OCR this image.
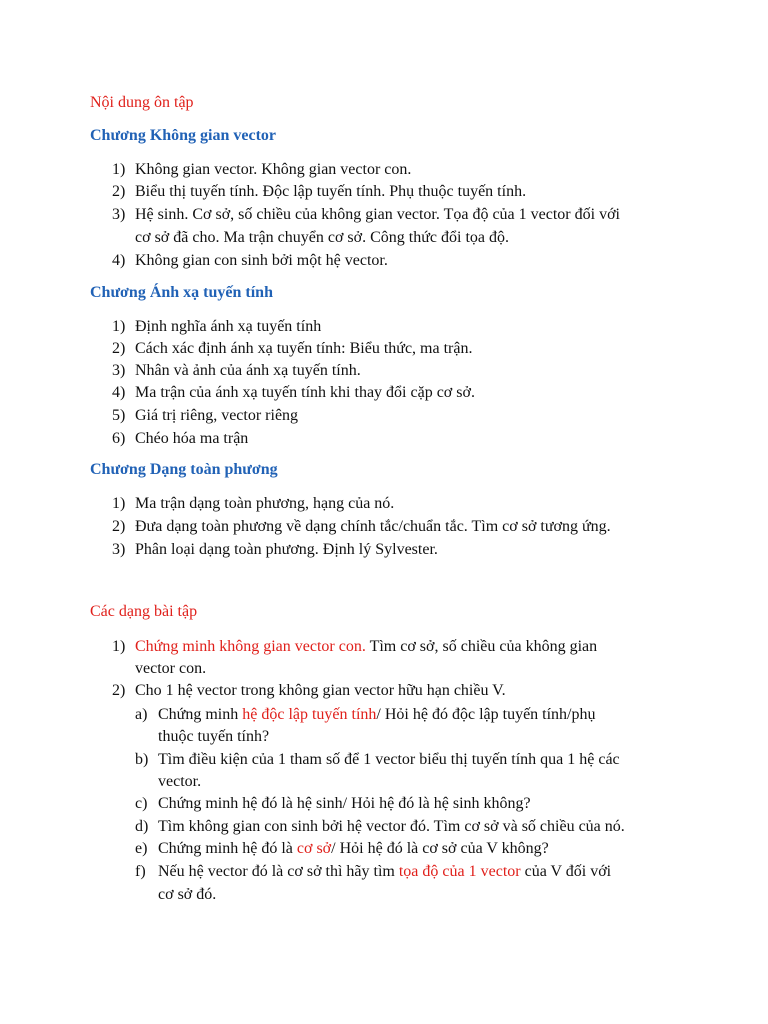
Nội dung ôn tập
Chương Không gian vector
1) Không gian vector. Không gian vector con.
2) Biểu thị tuyến tính. Độc lập tuyến tính. Phụ thuộc tuyến tính.
3) Hệ sinh. Cơ sở, số chiều của không gian vector. Tọa độ của 1 vector đối với
cơ sở đã cho. Ma trận chuyển cơ sở. Công thức đổi tọa độ.
4) Không gian con sinh bởi một hệ vector.
Chương Ánh xạ tuyến tính
1) Định nghĩa ánh xạ tuyến tính
2) Cách xác định ánh xạ tuyến tính: Biểu thức, ma trận.
3) Nhân và ảnh của ánh xạ tuyến tính.
4) Ma trận của ánh xạ tuyến tính khi thay đổi cặp cơ sở.
5) Giá trị riêng, vector riêng
6) Chéo hóa ma trận
Chương Dạng toàn phương
1) Ma trận dạng toàn phương, hạng của nó.
2) Đưa dạng toàn phương về dạng chính tắc/chuẩn tắc. Tìm cơ sở tương ứng.
3) Phân loại dạng toàn phương. Định lý Sylvester.
Các dạng bài tập
1) Chứng minh không gian vector con. Tìm cơ sở, số chiều của không gian
vector con.
2) Cho 1 hệ vector trong không gian vector hữu hạn chiều V.
a) Chứng minh hệ độc lập tuyến tính/ Hỏi hệ đó độc lập tuyến tính/phụ
thuộc tuyến tính?
b) Tìm điều kiện của 1 tham số để 1 vector biểu thị tuyến tính qua 1 hệ các
vector.
c) Chứng minh hệ đó là hệ sinh/ Hỏi hệ đó là hệ sinh không?
d) Tìm không gian con sinh bởi hệ vector đó. Tìm cơ sở và số chiều của nó.
e) Chứng minh hệ đó là cơ sở/ Hỏi hệ đó là cơ sở của V không?
f) Nếu hệ vector đó là cơ sở thì hãy tìm tọa độ của 1 vector của V đối với
cơ sở đó.
